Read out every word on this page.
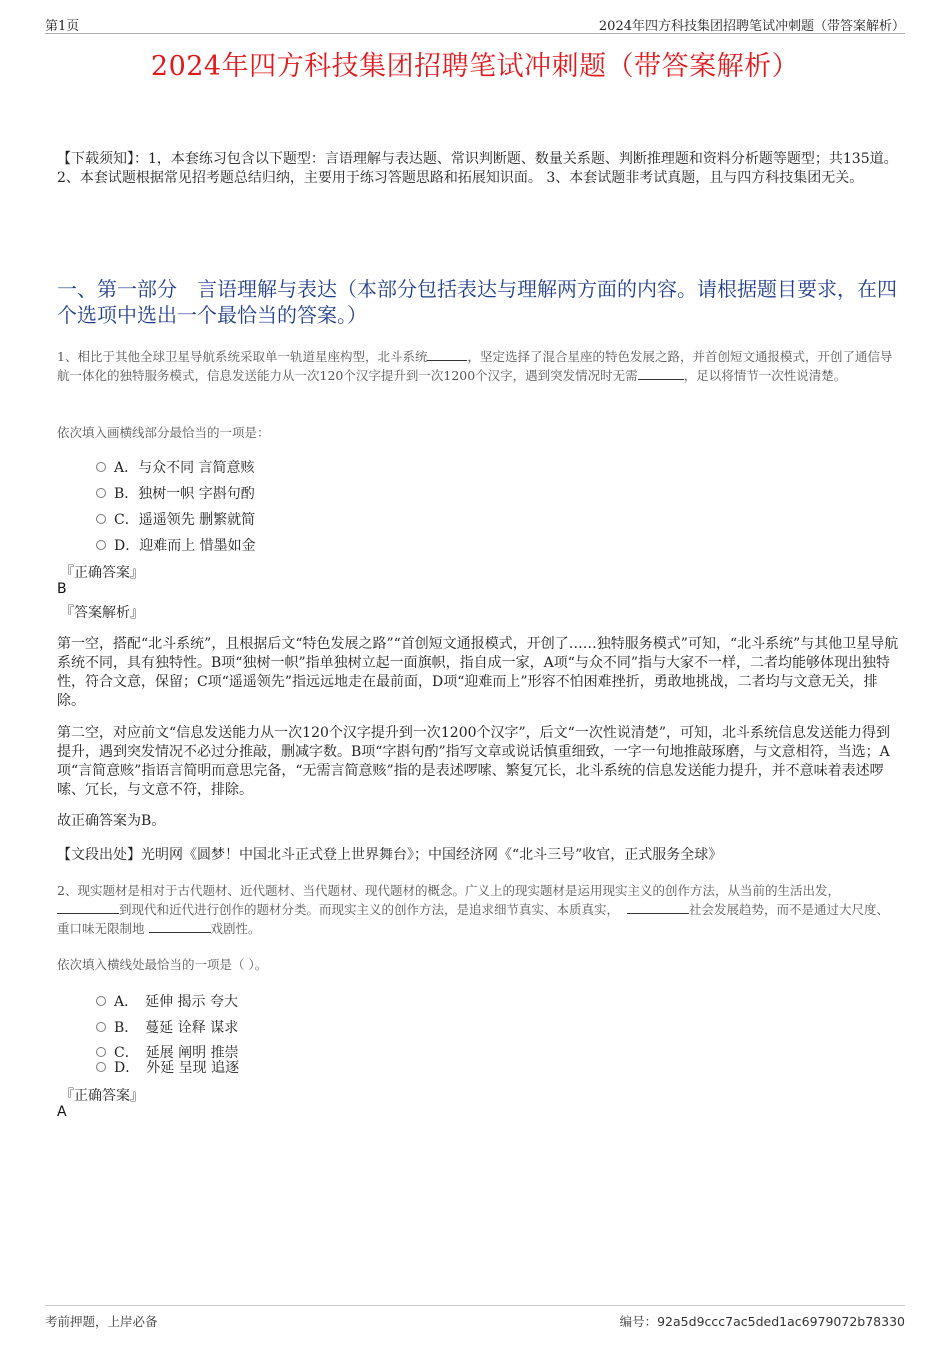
第1页	2024年四方科技集团招聘笔试冲刺题（带答案解析）
2024年四方科技集团招聘笔试冲刺题（带答案解析）
【下载须知】：1，本套练习包含以下题型：言语理解与表达题、常识判断题、数量关系题、判断推理题和资料分析题等题型；共135道。 2、本套试题根据常见招考题总结归纳，主要用于练习答题思路和拓展知识面。 3、本套试题非考试真题，且与四方科技集团无关。
一、第一部分　言语理解与表达（本部分包括表达与理解两方面的内容。请根据题目要求，在四个选项中选出一个最恰当的答案。）
1、相比于其他全球卫星导航系统采取单一轨道星座构型，北斗系统	，坚定选择了混合星座的特色发展之路，并首创短文通报模式，开创了通信导航一体化的独特服务模式，信息发送能力从一次120个汉字提升到一次1200个汉字，遇到突发情况时无需	，足以将情节一次性说清楚。
依次填入画横线部分最恰当的一项是：
A．与众不同 言简意赅
B．独树一帜 字斟句酌
C．遥遥领先 删繁就简
D．迎难而上 惜墨如金
『正确答案』
B
『答案解析』
第一空，搭配“北斗系统”，且根据后文“特色发展之路”“首创短文通报模式，开创了……独特服务模式”可知，“北斗系统”与其他卫星导航系统不同，具有独特性。B项“独树一帜”指单独树立起一面旗帜，指自成一家，A项“与众不同”指与大家不一样，二者均能够体现出独特性，符合文意，保留；C项“遥遥领先”指远远地走在最前面，D项“迎难而上”形容不怕困难挫折，勇敢地挑战，二者均与文意无关，排除。
第二空，对应前文“信息发送能力从一次120个汉字提升到一次1200个汉字”，后文“一次性说清楚”，可知，北斗系统信息发送能力得到提升，遇到突发情况不必过分推敲，删减字数。B项“字斟句酌”指写文章或说话慎重细致，一字一句地推敲琢磨，与文意相符，当选；A项“言简意赅”指语言简明而意思完备，“无需言简意赅”指的是表述啰嗦、繁复冗长，北斗系统的信息发送能力提升，并不意味着表述啰嗦、冗长，与文意不符，排除。
故正确答案为B。
【文段出处】光明网《圆梦！中国北斗正式登上世界舞台》；中国经济网《“北斗三号”收官，正式服务全球》
2、现实题材是相对于古代题材、近代题材、当代题材、现代题材的概念。广义上的现实题材是运用现实主义的创作方法，从当前的生活出发，到现代和近代进行创作的题材分类。而现实主义的创作方法，是追求细节真实、本质真实，	社会发展趋势，而不是通过大尺度、重口味无限制地	戏剧性。
依次填入横线处最恰当的一项是（ ）。
A．　延伸 揭示 夸大
B．　蔓延 诠释 谋求
C．　延展 阐明 推崇
D．　外延 呈现 追逐
『正确答案』
A
考前押题，上岸必备	编号：92a5d9ccc7ac5ded1ac6979072b78330
